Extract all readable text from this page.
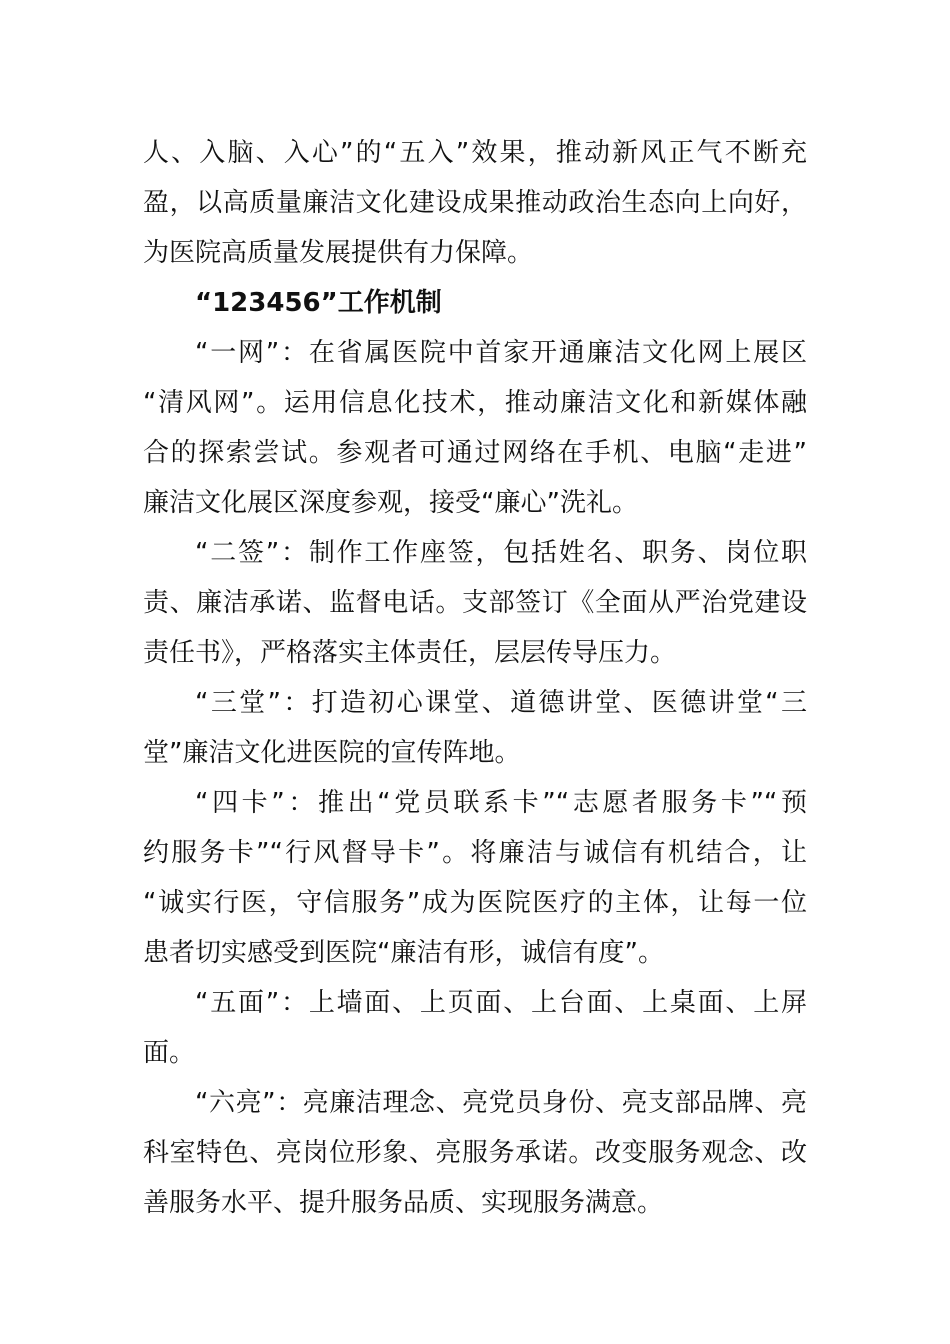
人、入脑、入心”的“五入”效果，推动新风正气不断充
盈，以高质量廉洁文化建设成果推动政治生态向上向好，
为医院高质量发展提供有力保障。
“123456”工作机制
“一网”：在省属医院中首家开通廉洁文化网上展区
“清风网”。运用信息化技术，推动廉洁文化和新媒体融
合的探索尝试。参观者可通过网络在手机、电脑“走进”
廉洁文化展区深度参观，接受“廉心”洗礼。
“二签”：制作工作座签，包括姓名、职务、岗位职
责、廉洁承诺、监督电话。支部签订《全面从严治党建设
责任书》，严格落实主体责任，层层传导压力。
“三堂”：打造初心课堂、道德讲堂、医德讲堂“三
堂”廉洁文化进医院的宣传阵地。
“四卡”：推出“党员联系卡”“志愿者服务卡”“预
约服务卡”“行风督导卡”。将廉洁与诚信有机结合，让
“诚实行医，守信服务”成为医院医疗的主体，让每一位
患者切实感受到医院“廉洁有形，诚信有度”。
“五面”：上墙面、上页面、上台面、上桌面、上屏
面。
“六亮”：亮廉洁理念、亮党员身份、亮支部品牌、亮
科室特色、亮岗位形象、亮服务承诺。改变服务观念、改
善服务水平、提升服务品质、实现服务满意。
